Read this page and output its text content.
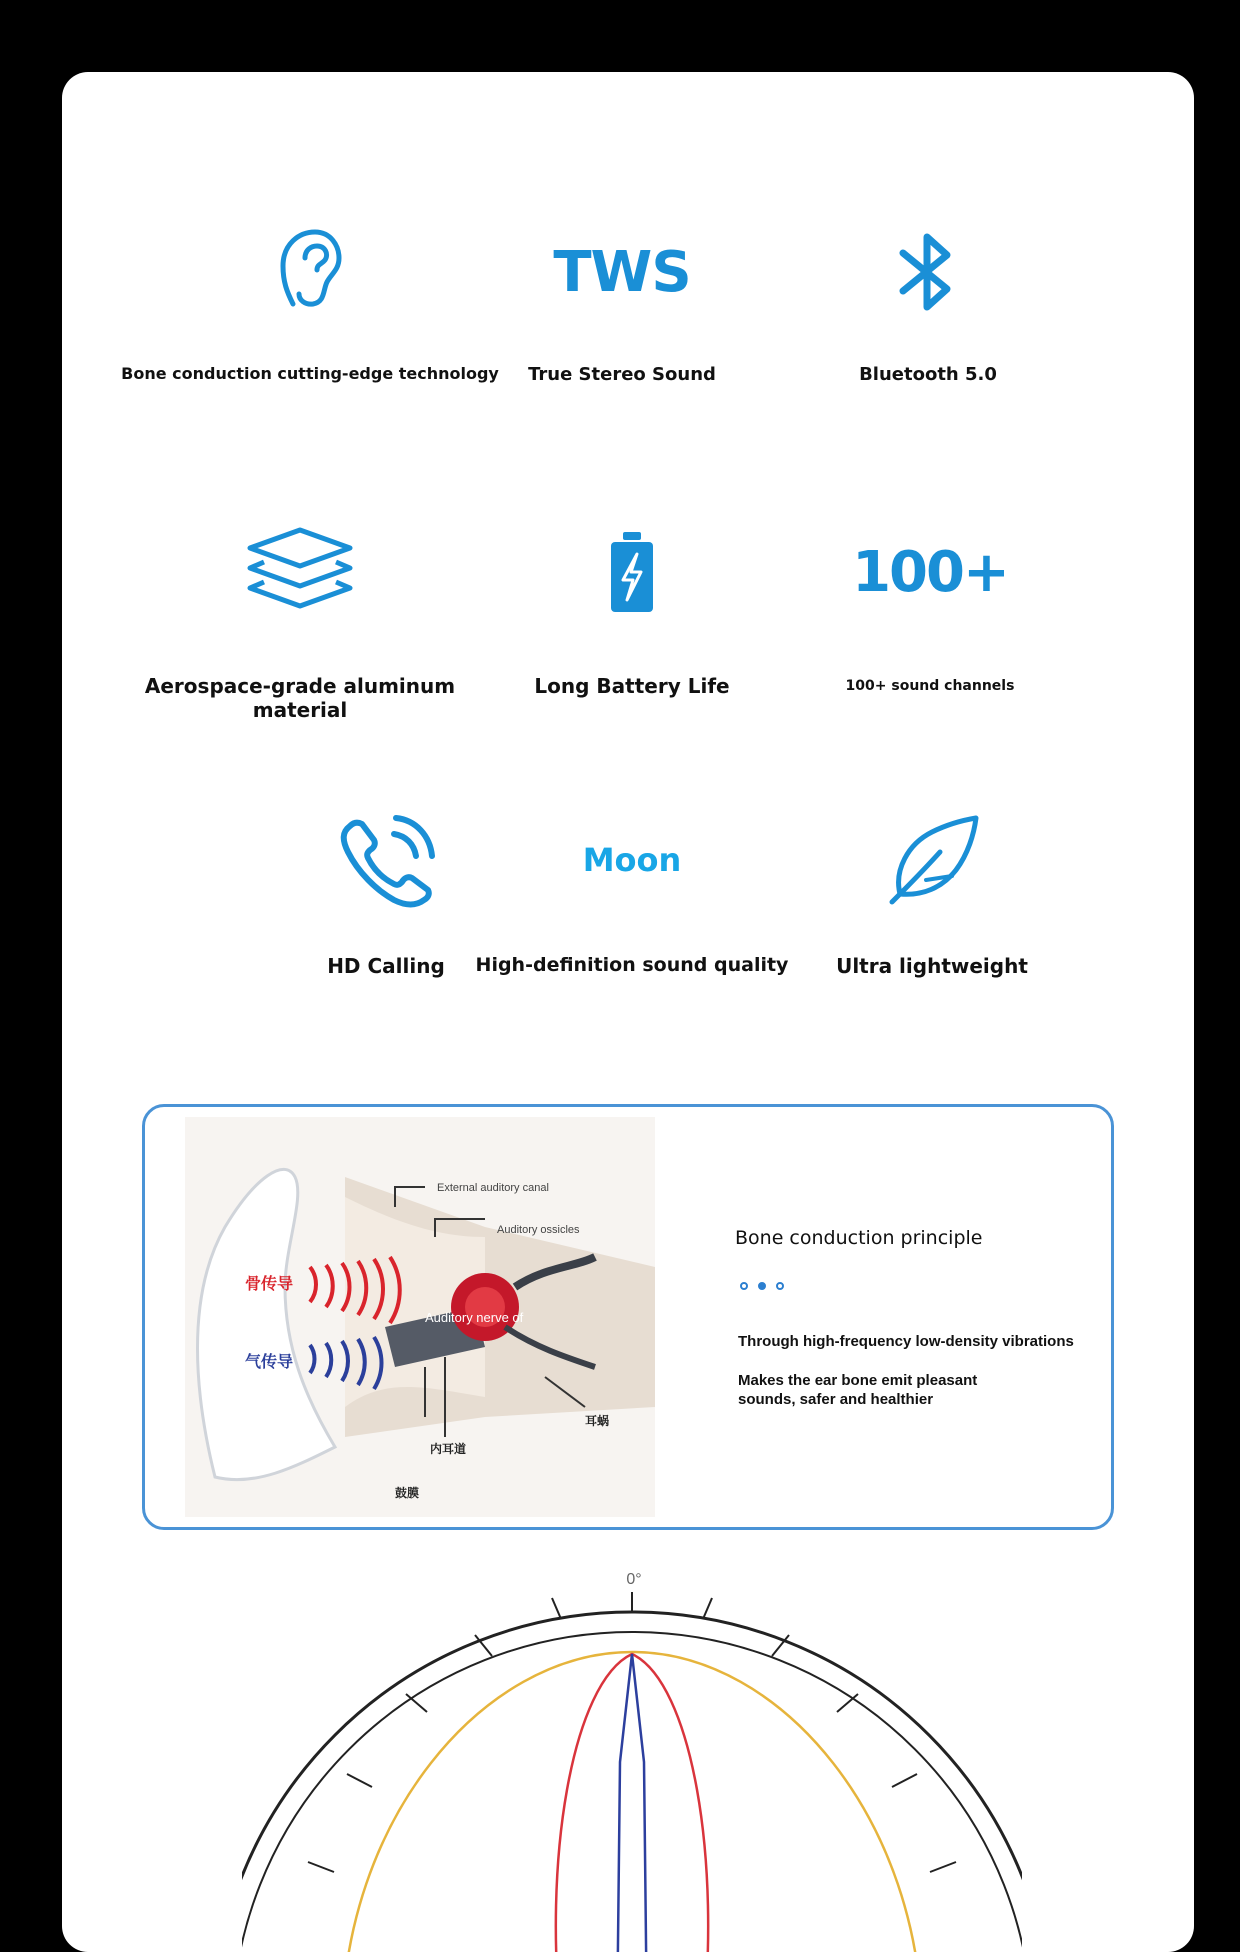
Bone conduction cutting-edge technology
TWS
True Stereo Sound	Bluetooth 5.0
Aerospace-grade aluminum material
Long Battery Life
100+
100+ sound channels
HD Calling
Moon
High-definition sound quality	Ultra lightweight
External auditory canal
Auditory ossicles
Auditory nerve of
骨传导
气传导
内耳道
耳蜗
鼓膜
Bone conduction principle
Through high-frequency low-density vibrations
Makes the ear bone emit pleasant sounds, safer and healthier
0°
